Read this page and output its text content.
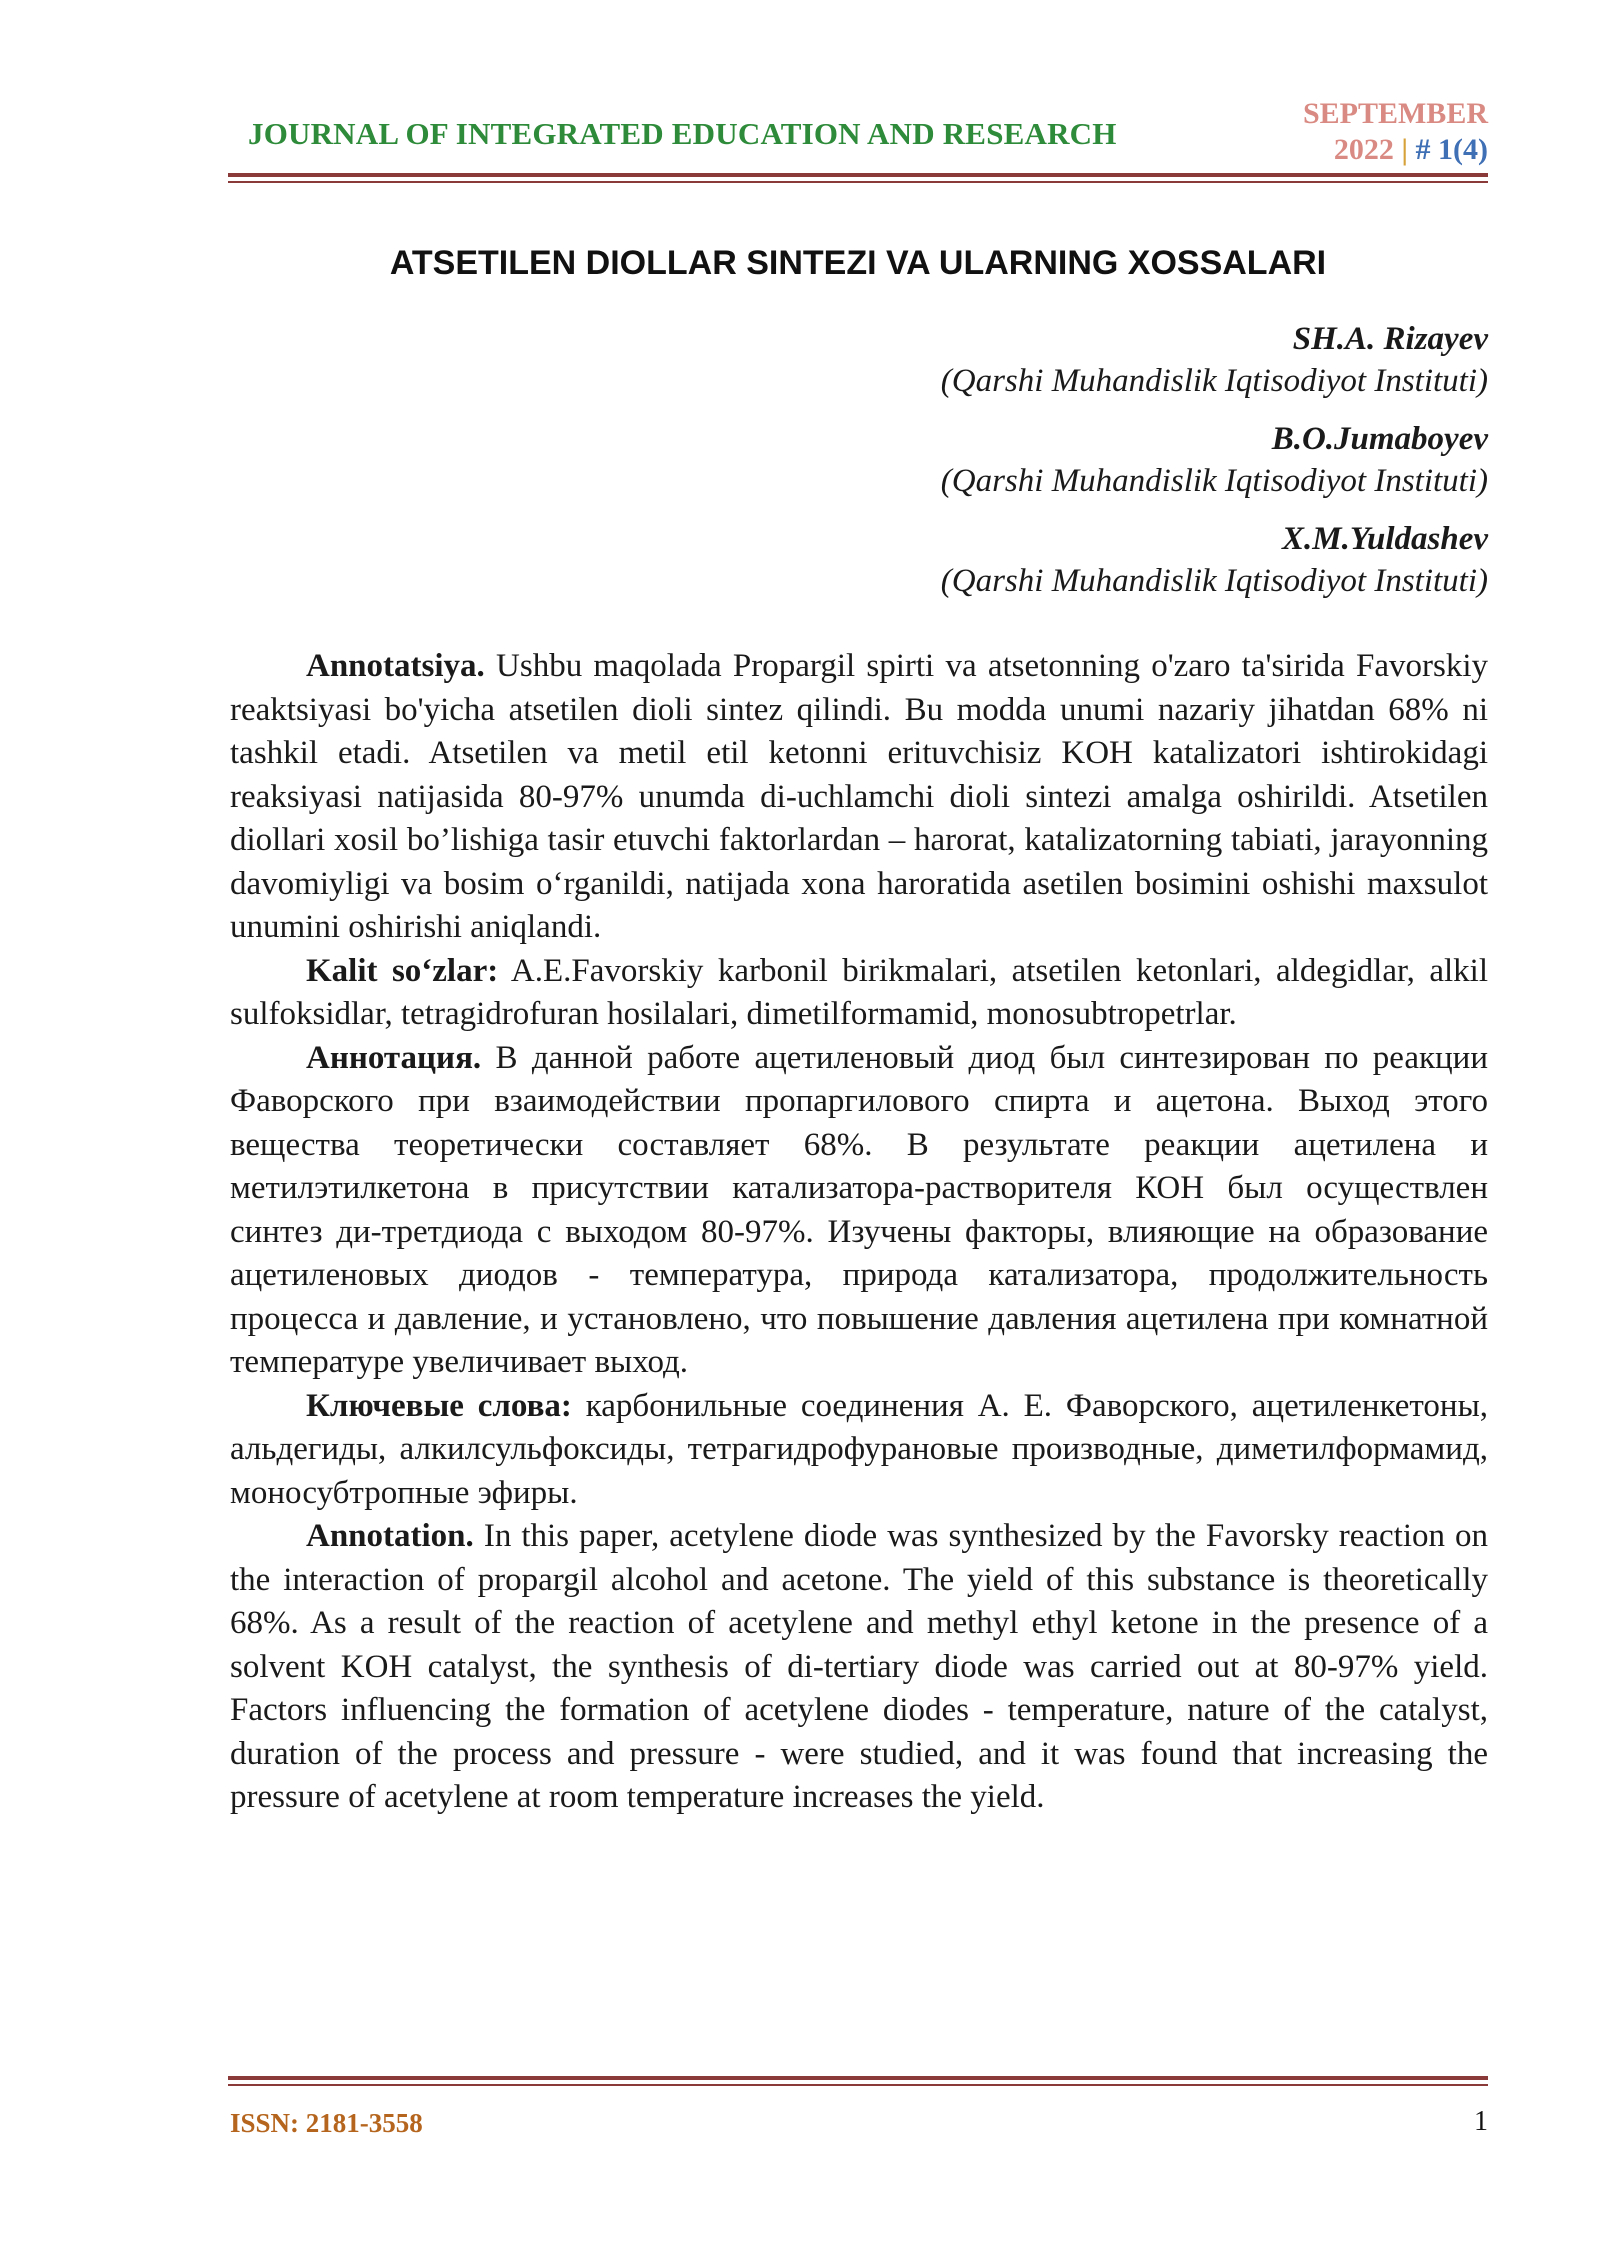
JOURNAL OF INTEGRATED EDUCATION AND RESEARCH
SEPTEMBER
2022 | # 1(4)
ATSETILEN DIOLLAR SINTEZI VA ULARNING XOSSALARI
SH.A. Rizayev
(Qarshi Muhandislik Iqtisodiyot Instituti)
B.O.Jumaboyev
(Qarshi Muhandislik Iqtisodiyot Instituti)
X.M.Yuldashev
(Qarshi Muhandislik Iqtisodiyot Instituti)

Annotatsiya. Ushbu maqolada Propargil spirti va atsetonning o'zaro ta'sirida Favorskiy reaktsiyasi bo'yicha atsetilen dioli sintez qilindi. Bu modda unumi nazariy jihatdan 68% ni tashkil etadi. Atsetilen va metil etil ketonni erituvchisiz KOH katalizatori ishtirokidagi reaksiyasi natijasida 80-97% unumda di-uchlamchi dioli sintezi amalga oshirildi. Atsetilen diollari xosil bo’lishiga tasir etuvchi faktorlardan – harorat, katalizatorning tabiati, jarayonning davomiyligi va bosim o‘rganildi, natijada xona haroratida asetilen bosimini oshishi maxsulot unumini oshirishi aniqlandi.

Kalit so‘zlar: A.E.Favorskiy karbonil birikmalari, atsetilen ketonlari, aldegidlar, alkil sulfoksidlar, tetragidrofuran hosilalari, dimetilformamid, monosubtropetrlar.

Аннотация. В данной работе ацетиленовый диод был синтезирован по реакции Фаворского при взаимодействии пропаргилового спирта и ацетона. Выход этого вещества теоретически составляет 68%. В результате реакции ацетилена и метилэтилкетона в присутствии катализатора-растворителя КОН был осуществлен синтез ди-третдиода с выходом 80-97%. Изучены факторы, влияющие на образование ацетиленовых диодов - температура, природа катализатора, продолжительность процесса и давление, и установлено, что повышение давления ацетилена при комнатной температуре увеличивает выход.

Ключевые слова: карбонильные соединения А. Е. Фаворского, ацетиленкетоны, альдегиды, алкилсульфоксиды, тетрагидрофурановые производные, диметилформамид, моносубтропные эфиры.

Annotation. In this paper, acetylene diode was synthesized by the Favorsky reaction on the interaction of propargil alcohol and acetone. The yield of this substance is theoretically 68%. As a result of the reaction of acetylene and methyl ethyl ketone in the presence of a solvent KOH catalyst, the synthesis of di-tertiary diode was carried out at 80-97% yield. Factors influencing the formation of acetylene diodes - temperature, nature of the catalyst, duration of the process and pressure - were studied, and it was found that increasing the pressure of acetylene at room temperature increases the yield.

ISSN: 2181-3558	1
